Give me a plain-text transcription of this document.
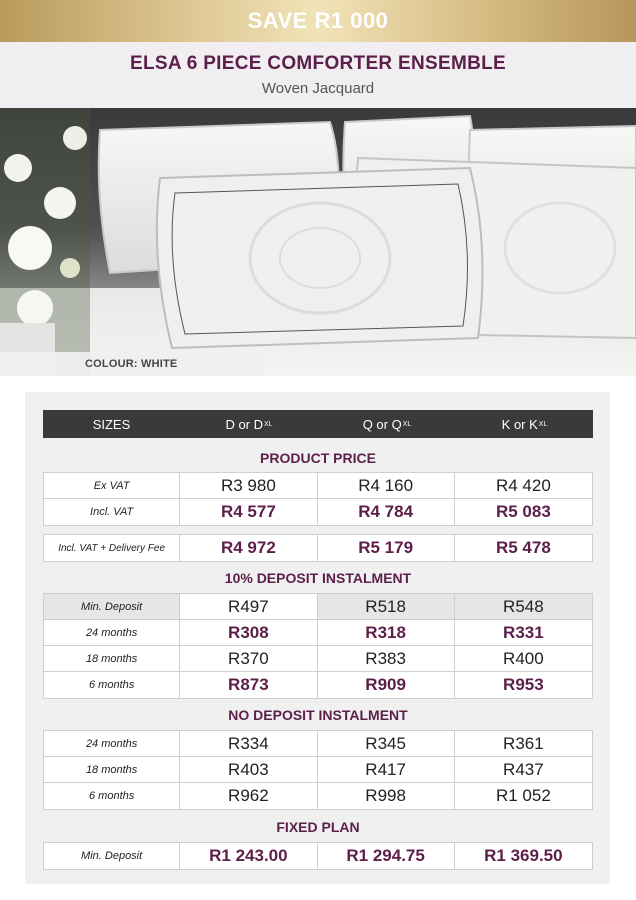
SAVE R1 000
ELSA 6 PIECE COMFORTER ENSEMBLE
Woven Jacquard
COLOUR: WHITE
SIZES	D or D XL	Q or Q XL	K or K XL
PRODUCT PRICE
Ex VAT	R3 980	R4 160	R4 420
Incl. VAT	R4 577	R4 784	R5 083
Incl. VAT + Delivery Fee	R4 972	R5 179	R5 478
10% DEPOSIT INSTALMENT
Min. Deposit	R497	R518	R548
24 months	R308	R318	R331
18 months	R370	R383	R400
6 months	R873	R909	R953
NO DEPOSIT INSTALMENT
24 months	R334	R345	R361
18 months	R403	R417	R437
6 months	R962	R998	R1 052
FIXED PLAN
Min. Deposit	R1 243.00	R1 294.75	R1 369.50
